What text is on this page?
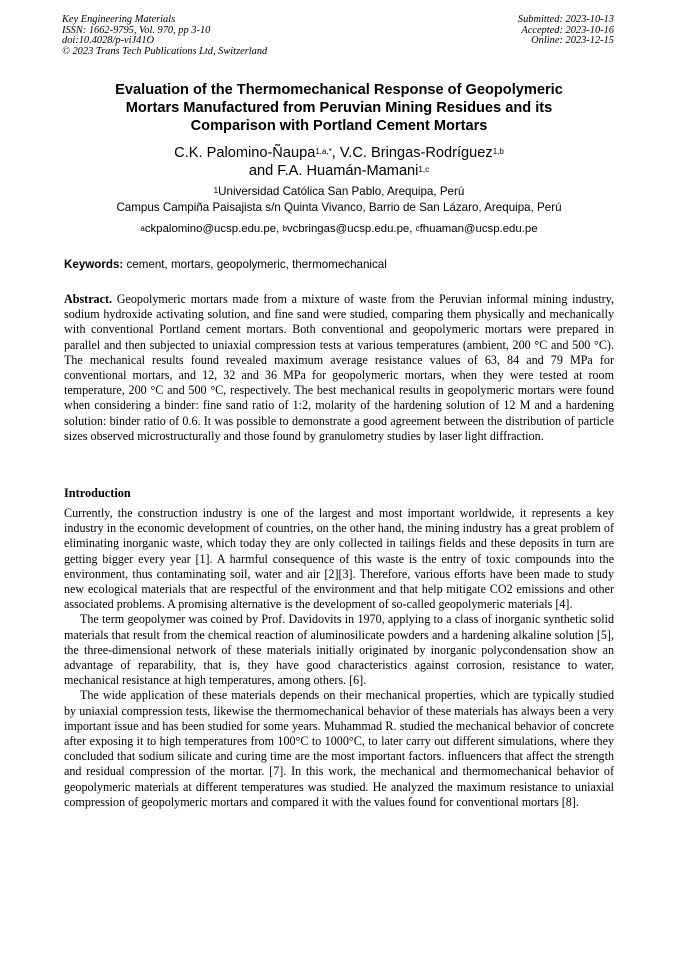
Key Engineering Materials
ISSN: 1662-9795, Vol. 970, pp 3-10
doi:10.4028/p-viJ41O
© 2023 Trans Tech Publications Ltd, Switzerland
Submitted: 2023-10-13
Accepted: 2023-10-16
Online: 2023-12-15
Evaluation of the Thermomechanical Response of Geopolymeric
Mortars Manufactured from Peruvian Mining Residues and its
Comparison with Portland Cement Mortars
C.K. Palomino-Ñaupa$^{1,a,*}$, V.C. Bringas-Rodríguez$^{1,b}$
and F.A. Huamán-Mamani$^{1,c}$
$^1$Universidad Católica San Pablo, Arequipa, Perú
Campus Campiña Paisajista s/n Quinta Vivanco, Barrio de San Lázaro, Arequipa, Perú
$^a$ckpalomino@ucsp.edu.pe, $^b$vcbringas@ucsp.edu.pe, $^c$fhuaman@ucsp.edu.pe
Keywords: cement, mortars, geopolymeric, thermomechanical
Abstract. Geopolymeric mortars made from a mixture of waste from the Peruvian informal mining industry, sodium hydroxide activating solution, and fine sand were studied, comparing them physically and mechanically with conventional Portland cement mortars. Both conventional and geopolymeric mortars were prepared in parallel and then subjected to uniaxial compression tests at various temperatures (ambient, 200 °C and 500 °C). The mechanical results found revealed maximum average resistance values of 63, 84 and 79 MPa for conventional mortars, and 12, 32 and 36 MPa for geopolymeric mortars, when they were tested at room temperature, 200 °C and 500 °C, respectively. The best mechanical results in geopolymeric mortars were found when considering a binder: fine sand ratio of 1:2, molarity of the hardening solution of 12 M and a hardening solution: binder ratio of 0.6. It was possible to demonstrate a good agreement between the distribution of particle sizes observed microstructurally and those found by granulometry studies by laser light diffraction.
Introduction

Currently, the construction industry is one of the largest and most important worldwide, it represents a key industry in the economic development of countries, on the other hand, the mining industry has a great problem of eliminating inorganic waste, which today they are only collected in tailings fields and these deposits in turn are getting bigger every year [1]. A harmful consequence of this waste is the entry of toxic compounds into the environment, thus contaminating soil, water and air [2][3]. Therefore, various efforts have been made to study new ecological materials that are respectful of the environment and that help mitigate CO2 emissions and other associated problems. A promising alternative is the development of so-called geopolymeric materials [4].

The term geopolymer was coined by Prof. Davidovits in 1970, applying to a class of inorganic synthetic solid materials that result from the chemical reaction of aluminosilicate powders and a hardening alkaline solution [5], the three-dimensional network of these materials initially originated by inorganic polycondensation show an advantage of reparability, that is, they have good characteristics against corrosion, resistance to water, mechanical resistance at high temperatures, among others. [6].

The wide application of these materials depends on their mechanical properties, which are typically studied by uniaxial compression tests, likewise the thermomechanical behavior of these materials has always been a very important issue and has been studied for some years. Muhammad R. studied the mechanical behavior of concrete after exposing it to high temperatures from 100°C to 1000°C, to later carry out different simulations, where they concluded that sodium silicate and curing time are the most important factors. influencers that affect the strength and residual compression of the mortar. [7]. In this work, the mechanical and thermomechanical behavior of geopolymeric materials at different temperatures was studied. He analyzed the maximum resistance to uniaxial compression of geopolymeric mortars and compared it with the values found for conventional mortars [8].
